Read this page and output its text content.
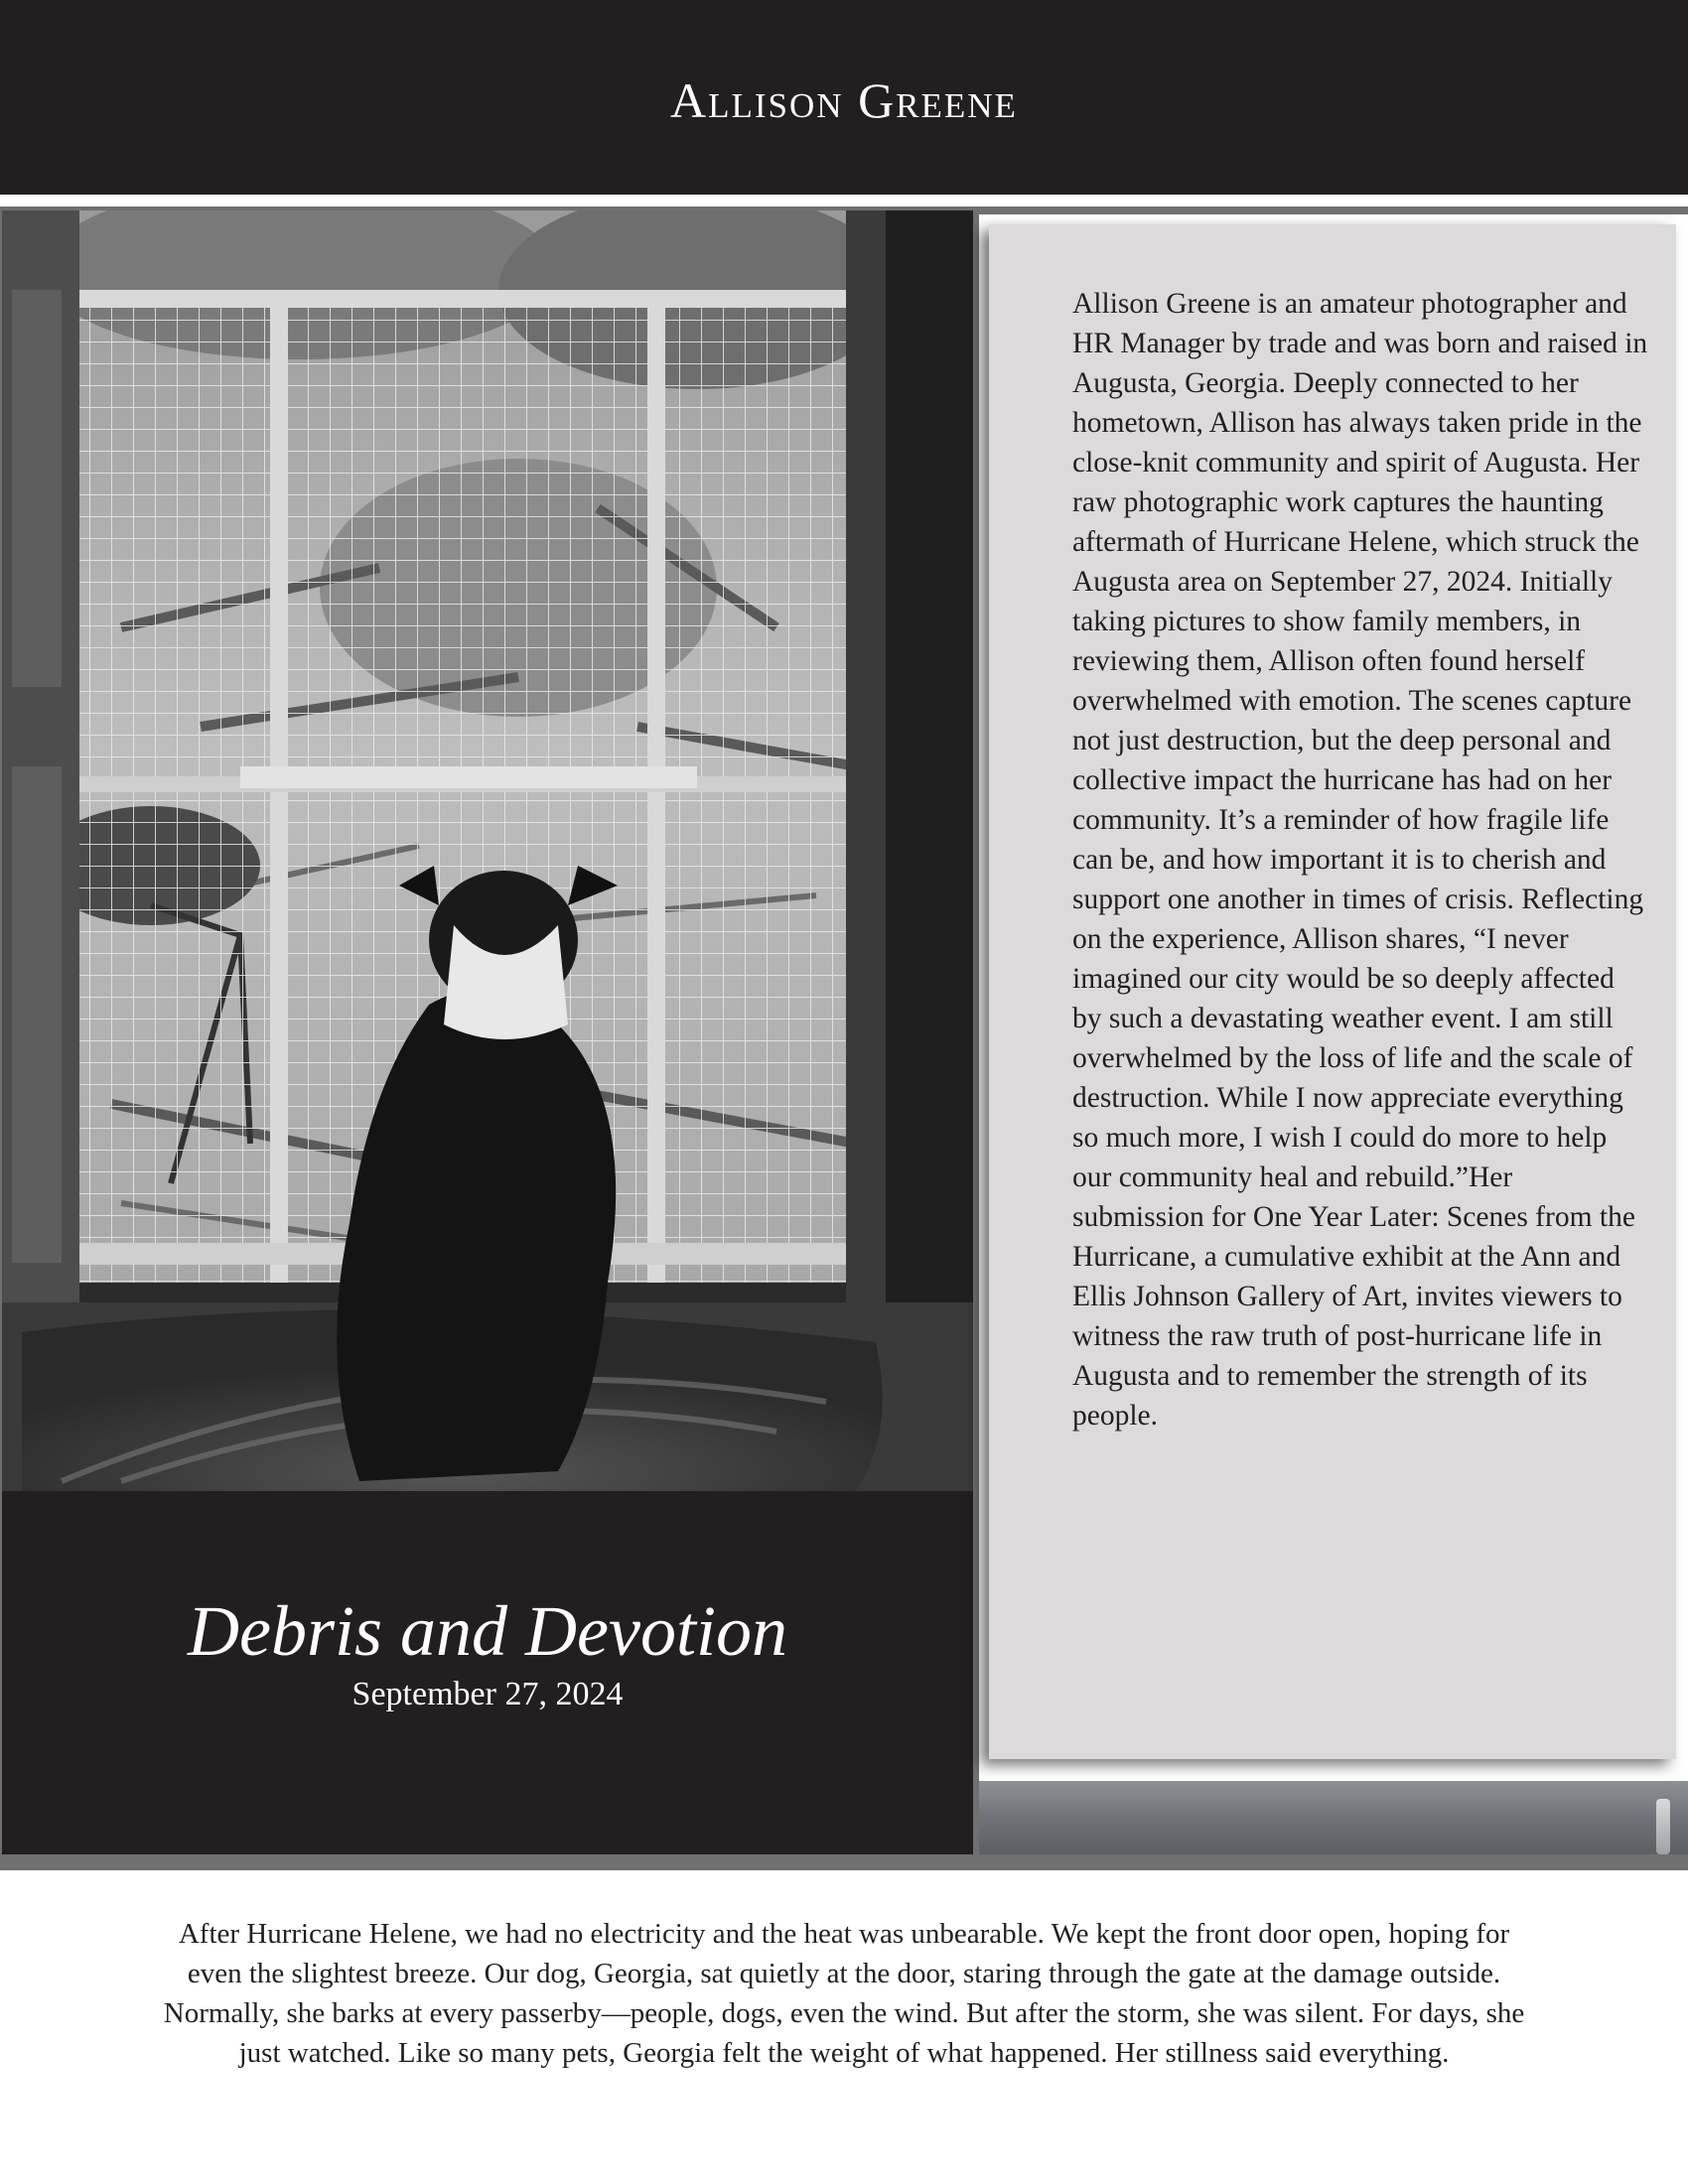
Allison Greene
Debris and Devotion
September 27, 2024
Allison Greene is an amateur photographer and HR Manager by trade and was born and raised in Augusta, Georgia. Deeply connected to her hometown, Allison has always taken pride in the close-knit community and spirit of Augusta. Her raw photographic work captures the haunting aftermath of Hurricane Helene, which struck the Augusta area on September 27, 2024. Initially taking pictures to show family members, in reviewing them, Allison often found herself overwhelmed with emotion. The scenes capture not just destruction, but the deep personal and collective impact the hurricane has had on her community. It’s a reminder of how fragile life can be, and how important it is to cherish and support one another in times of crisis. Reflecting on the experience, Allison shares, “I never imagined our city would be so deeply affected by such a devastating weather event. I am still overwhelmed by the loss of life and the scale of destruction. While I now appreciate everything so much more, I wish I could do more to help our community heal and rebuild.”Her submission for One Year Later: Scenes from the Hurricane, a cumulative exhibit at the Ann and Ellis Johnson Gallery of Art, invites viewers to witness the raw truth of post-hurricane life in Augusta and to remember the strength of its people.
After Hurricane Helene, we had no electricity and the heat was unbearable. We kept the front door open, hoping for even the slightest breeze. Our dog, Georgia, sat quietly at the door, staring through the gate at the damage outside. Normally, she barks at every passerby—people, dogs, even the wind. But after the storm, she was silent. For days, she just watched. Like so many pets, Georgia felt the weight of what happened. Her stillness said everything.
